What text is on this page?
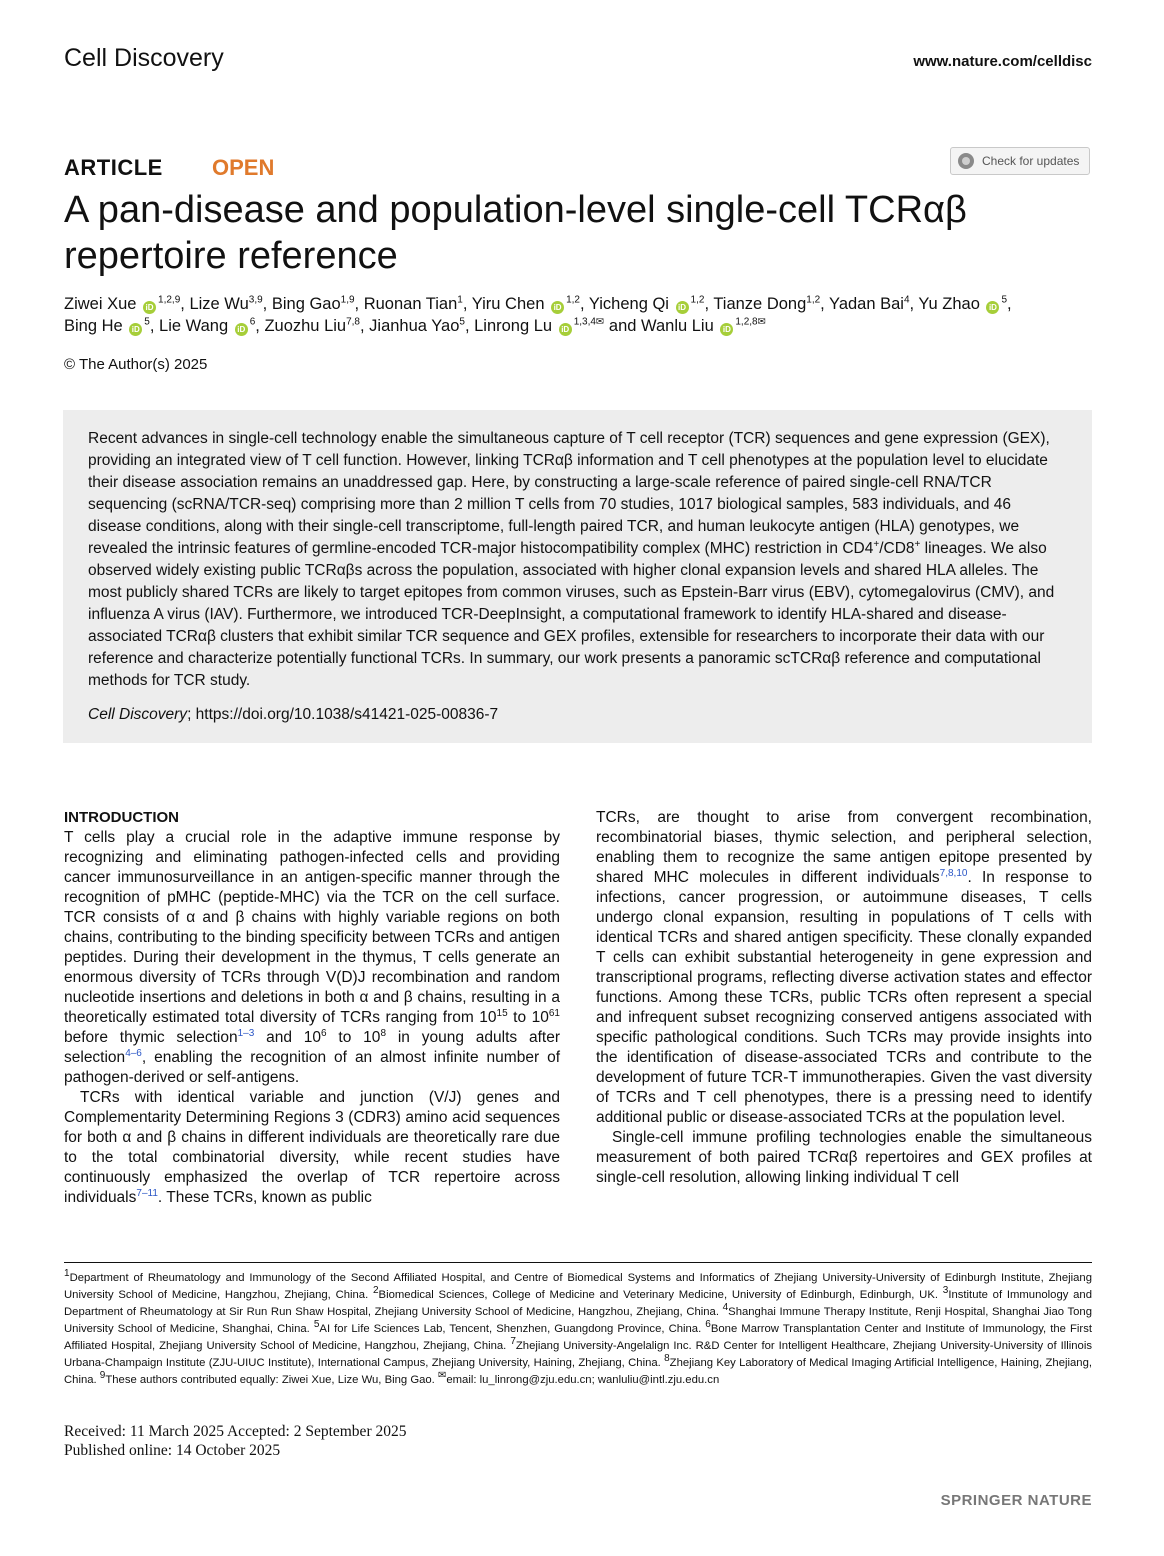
Cell Discovery	www.nature.com/celldisc
ARTICLE OPEN	Check for updates
A pan-disease and population-level single-cell TCRαβ repertoire reference
Ziwei Xue iD$^{1,2,9}$, Lize Wu$^{3,9}$, Bing Gao$^{1,9}$, Ruonan Tian$^1$, Yiru Chen iD$^{1,2}$, Yicheng Qi iD$^{1,2}$, Tianze Dong$^{1,2}$, Yadan Bai$^4$, Yu Zhao $iD^5$,
Bing He $iD^5$, Lie Wang $iD^6$, Zuozhu Liu$^{7,8}$, Jianhua Yao$^5$, Linrong Lu $iD^{1,3,4✉}$ and Wanlu Liu $iD^{1,2,8✉}$
© The Author(s) 2025

Recent advances in single-cell technology enable the simultaneous capture of T cell receptor (TCR) sequences and gene expression (GEX), providing an integrated view of T cell function. However, linking TCRαβ information and T cell phenotypes at the population level to elucidate their disease association remains an unaddressed gap. Here, by constructing a large-scale reference of paired single-cell RNA/TCR sequencing (scRNA/TCR-seq) comprising more than 2 million T cells from 70 studies, 1017 biological samples, 583 individuals, and 46 disease conditions, along with their single-cell transcriptome, full-length paired TCR, and human leukocyte antigen (HLA) genotypes, we revealed the intrinsic features of germline-encoded TCR-major histocompatibility complex (MHC) restriction in CD4+/CD8+ lineages. We also observed widely existing public TCRαβs across the population, associated with higher clonal expansion levels and shared HLA alleles. The most publicly shared TCRs are likely to target epitopes from common viruses, such as Epstein-Barr virus (EBV), cytomegalovirus (CMV), and influenza A virus (IAV). Furthermore, we introduced TCR-DeepInsight, a computational framework to identify HLA-shared and disease-associated TCRαβ clusters that exhibit similar TCR sequence and GEX profiles, extensible for researchers to incorporate their data with our reference and characterize potentially functional TCRs. In summary, our work presents a panoramic scTCRαβ reference and computational methods for TCR study.

Cell Discovery; https://doi.org/10.1038/s41421-025-00836-7
INTRODUCTION

T cells play a crucial role in the adaptive immune response by recognizing and eliminating pathogen-infected cells and providing cancer immunosurveillance in an antigen-specific manner through the recognition of pMHC (peptide-MHC) via the TCR on the cell surface. TCR consists of α and β chains with highly variable regions on both chains, contributing to the binding specificity between TCRs and antigen peptides. During their development in the thymus, T cells generate an enormous diversity of TCRs through V(D)J recombination and random nucleotide insertions and deletions in both α and β chains, resulting in a theoretically estimated total diversity of TCRs ranging from $10^{15}$ to $10^{61}$ before thymic selection$^{1-3}$ and $10^6$ to $10^8$ in young adults after selection$^{4-6}$, enabling the recognition of an almost infinite number of pathogen-derived or self-antigens.

TCRs with identical variable and junction (V/J) genes and Complementarity Determining Regions 3 (CDR3) amino acid sequences for both α and β chains in different individuals are theoretically rare due to the total combinatorial diversity, while recent studies have continuously emphasized the overlap of TCR repertoire across individuals$^{7-11}$. These TCRs, known as public

TCRs, are thought to arise from convergent recombination, recombinatorial biases, thymic selection, and peripheral selection, enabling them to recognize the same antigen epitope presented by shared MHC molecules in different individuals$^{7,8,10}$. In response to infections, cancer progression, or autoimmune diseases, T cells undergo clonal expansion, resulting in populations of T cells with identical TCRs and shared antigen specificity. These clonally expanded T cells can exhibit substantial heterogeneity in gene expression and transcriptional programs, reflecting diverse activation states and effector functions. Among these TCRs, public TCRs often represent a special and infrequent subset recognizing conserved antigens associated with specific pathological conditions. Such TCRs may provide insights into the identification of disease-associated TCRs and contribute to the development of future TCR-T immunotherapies. Given the vast diversity of TCRs and T cell phenotypes, there is a pressing need to identify additional public or disease-associated TCRs at the population level.

Single-cell immune profiling technologies enable the simultaneous measurement of both paired TCRαβ repertoires and GEX profiles at single-cell resolution, allowing linking individual T cell

$^1$Department of Rheumatology and Immunology of the Second Affiliated Hospital, and Centre of Biomedical Systems and Informatics of Zhejiang University-University of Edinburgh Institute, Zhejiang University School of Medicine, Hangzhou, Zhejiang, China. $^2$Biomedical Sciences, College of Medicine and Veterinary Medicine, University of Edinburgh, Edinburgh, UK. $^3$Institute of Immunology and Department of Rheumatology at Sir Run Run Shaw Hospital, Zhejiang University School of Medicine, Hangzhou, Zhejiang, China. $^4$Shanghai Immune Therapy Institute, Renji Hospital, Shanghai Jiao Tong University School of Medicine, Shanghai, China. $^5$AI for Life Sciences Lab, Tencent, Shenzhen, Guangdong Province, China. $^6$Bone Marrow Transplantation Center and Institute of Immunology, the First Affiliated Hospital, Zhejiang University School of Medicine, Hangzhou, Zhejiang, China. $^7$Zhejiang University-Angelalign Inc. R&D Center for Intelligent Healthcare, Zhejiang University-University of Illinois Urbana-Champaign Institute (ZJU-UIUC Institute), International Campus, Zhejiang University, Haining, Zhejiang, China. $^8$Zhejiang Key Laboratory of Medical Imaging Artificial Intelligence, Haining, Zhejiang, China. $^9$These authors contributed equally: Ziwei Xue, Lize Wu, Bing Gao. ✉email: lu_linrong@zju.edu.cn; wanluliu@intl.zju.edu.cn
Received: 11 March 2025 Accepted: 2 September 2025
Published online: 14 October 2025
SPRINGER NATURE
